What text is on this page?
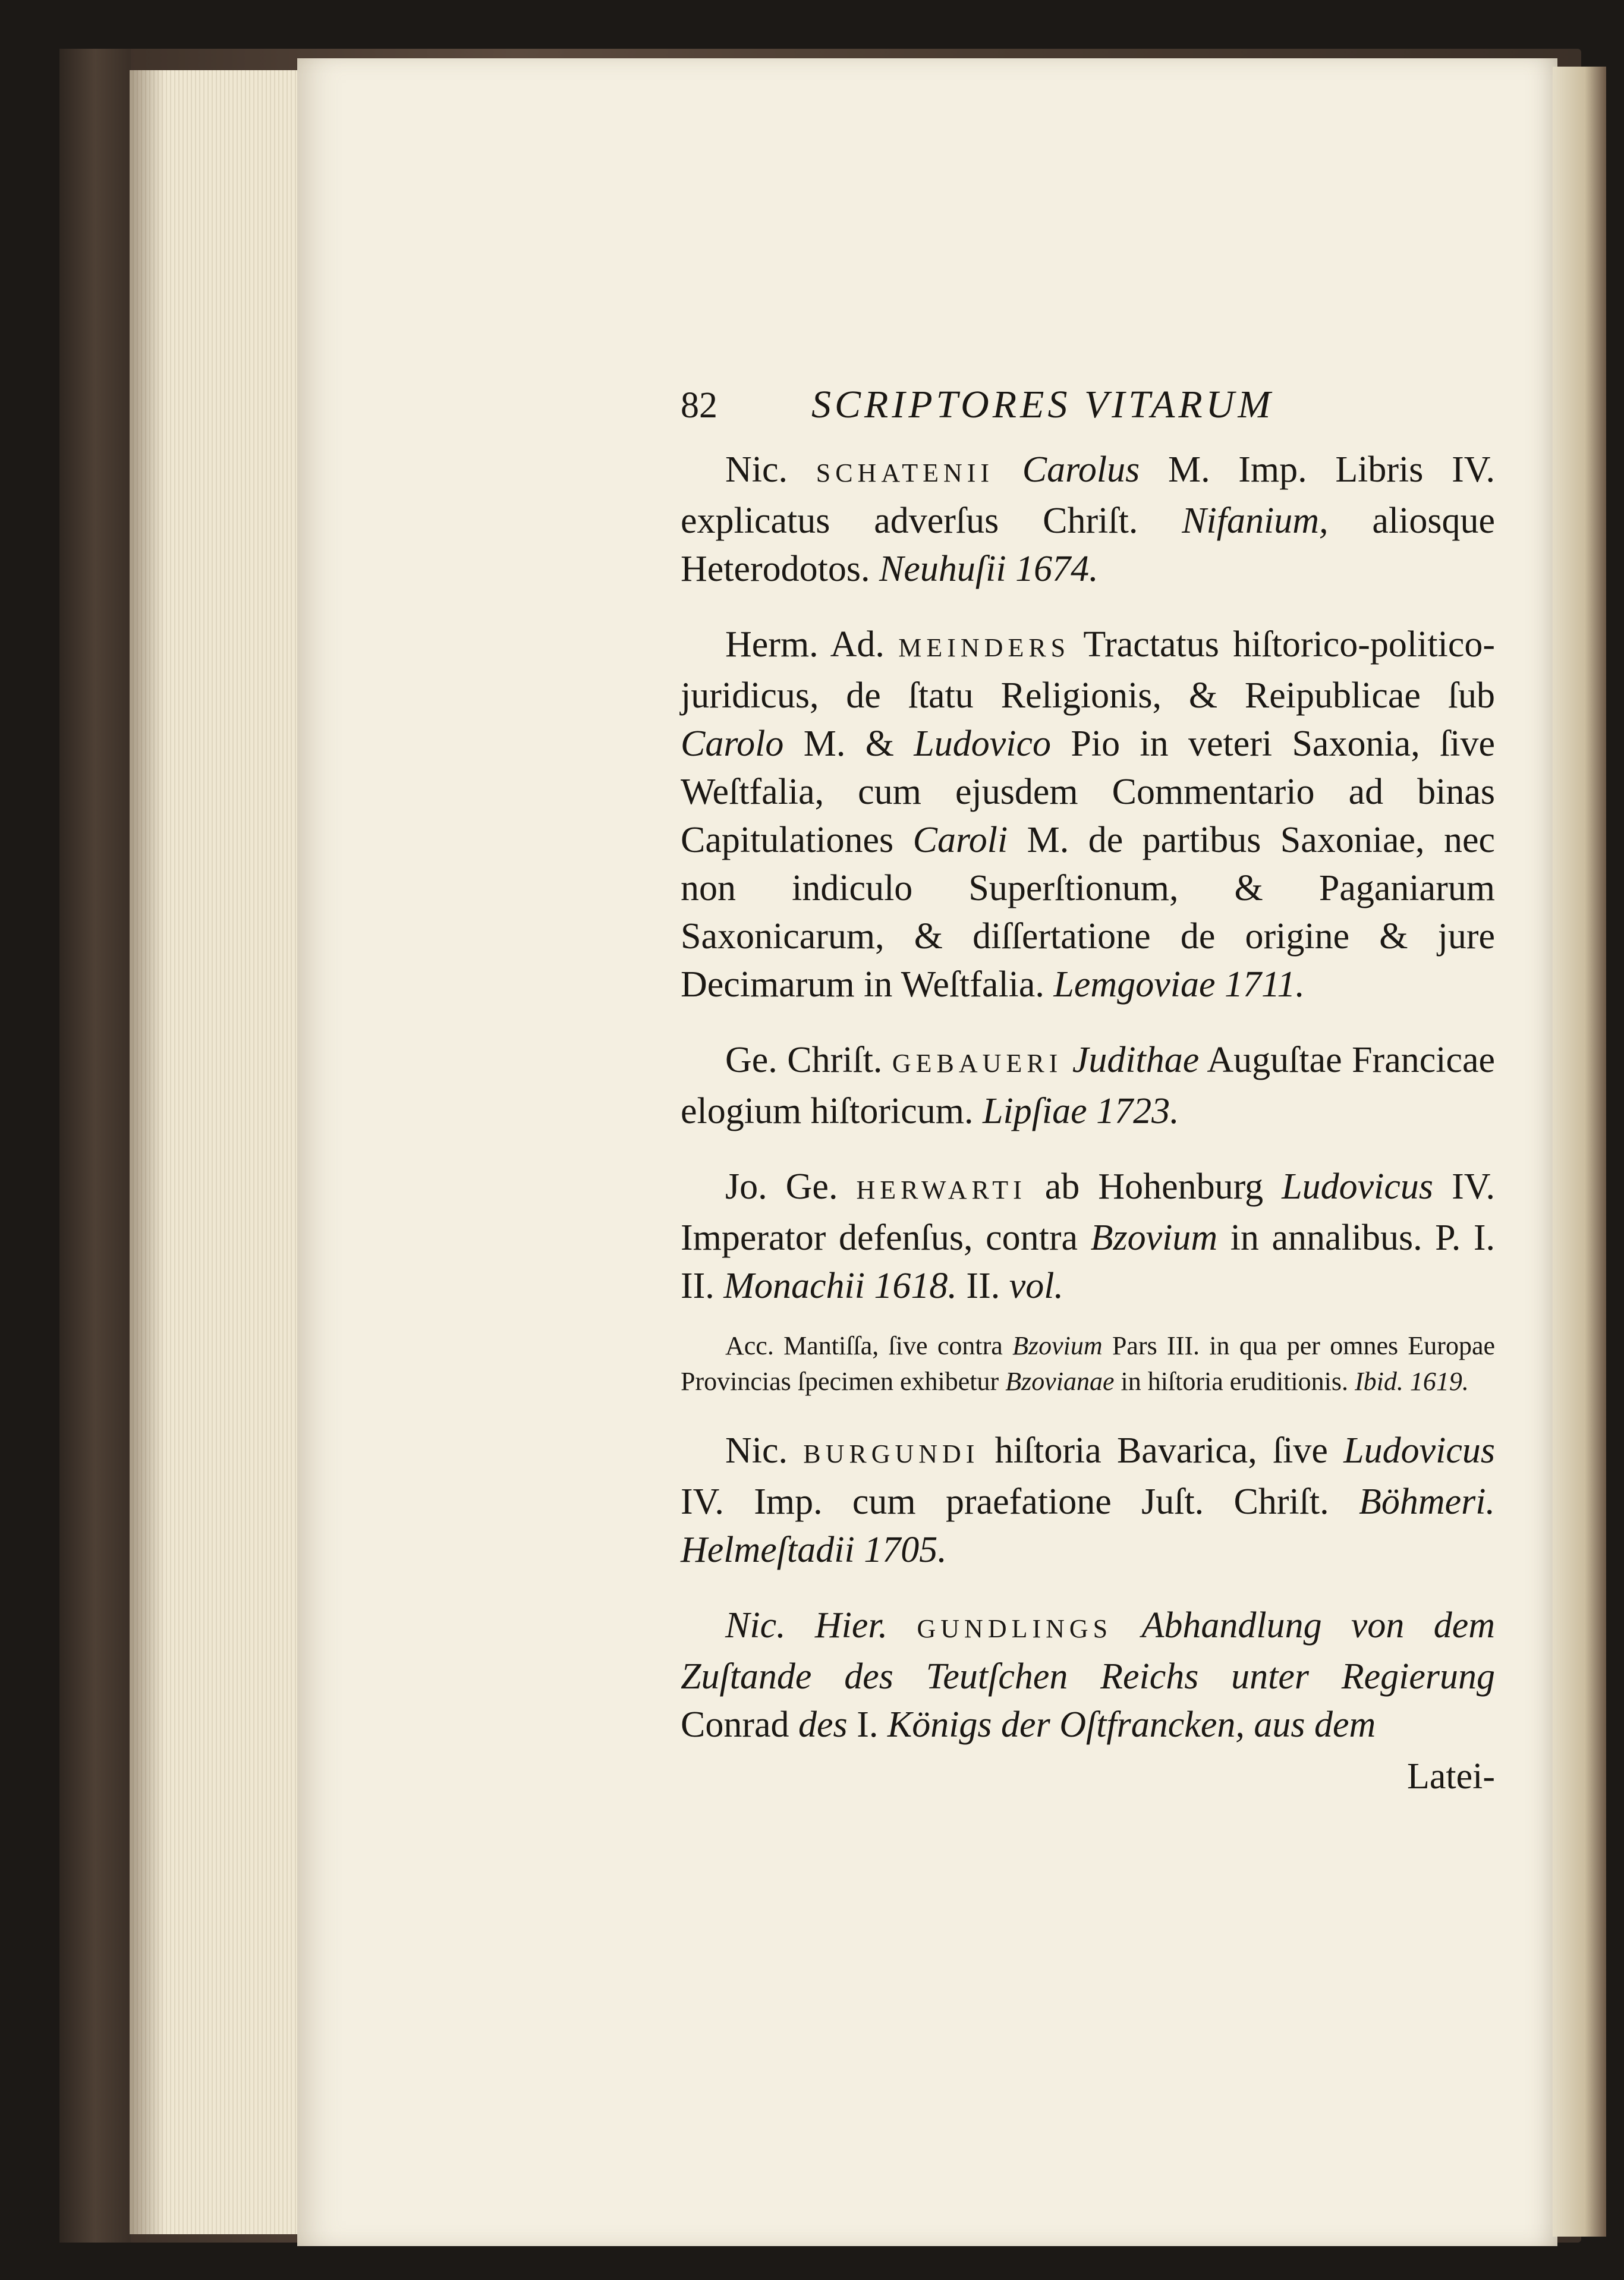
82	SCRIPTORES VITARUM

Nic. SCHATENII Carolus M. Imp. Libris IV. explicatus adverſus Chriſt. Nifanium, aliosque Heterodotos. Neuhuſii 1674.

Herm. Ad. MEINDERS Tractatus hiſtorico-politico-juridicus, de ſtatu Religionis, & Reipublicae ſub Carolo M. & Ludovico Pio in veteri Saxonia, ſive Weſtfalia, cum ejusdem Commentario ad binas Capitulationes Caroli M. de partibus Saxoniae, nec non indiculo Superſtionum, & Paganiarum Saxonicarum, & diſſertatione de origine & jure Decimarum in Weſtfalia. Lemgoviae 1711.

Ge. Chriſt. GEBAUERI Judithae Auguſtae Francicae elogium hiſtoricum. Lipſiae 1723.

Jo. Ge. HERWARTI ab Hohenburg Ludovicus IV. Imperator defenſus, contra Bzovium in annalibus. P. I. II. Monachii 1618. II. vol.

Acc. Mantiſſa, ſive contra Bzovium Pars III. in qua per omnes Europae Provincias ſpecimen exhibetur Bzovianae in hiſtoria eruditionis. Ibid. 1619.

Nic. BURGUNDI hiſtoria Bavarica, ſive Ludovicus IV. Imp. cum praefatione Juſt. Chriſt. Böhmeri. Helmeſtadii 1705.

Nic. Hier. GUNDLINGS Abhandlung von dem Zuſtande des Teutſchen Reichs unter Regierung Conrad des I. Königs der Oſtfrancken, aus dem

Latei-
